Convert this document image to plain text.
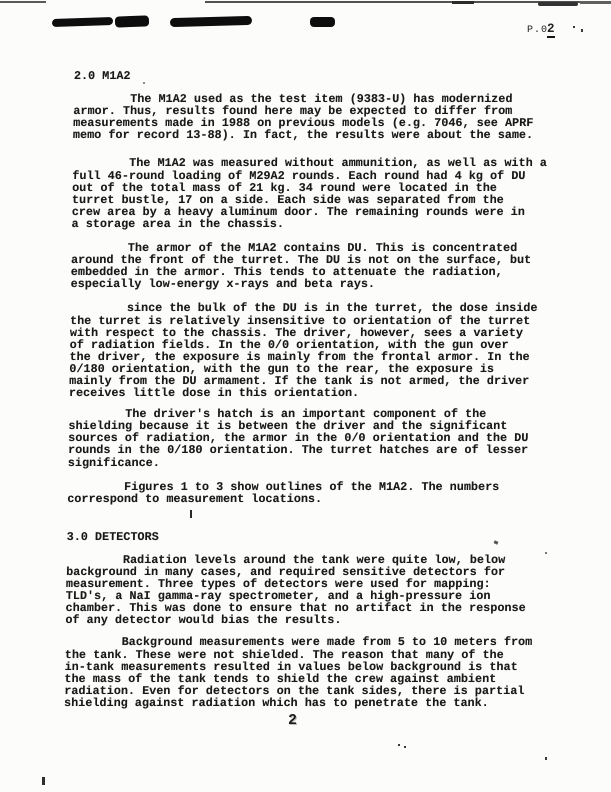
P.02
2.0 M1A2
The M1A2 used as the test item (9383-U) has modernized
armor. Thus, results found here may be expected to differ from
measurements made in 1988 on previous models (e.g. 7046, see APRF
memo for record 13-88). In fact, the results were about the same.
The M1A2 was measured without ammunition, as well as with a
full 46-round loading of M29A2 rounds. Each round had 4 kg of DU
out of the total mass of 21 kg. 34 round were located in the
turret bustle, 17 on a side. Each side was separated from the
crew area by a heavy aluminum door. The remaining rounds were in
a storage area in the chassis.
The armor of the M1A2 contains DU. This is concentrated
around the front of the turret. The DU is not on the surface, but
embedded in the armor. This tends to attenuate the radiation,
especially low-energy x-rays and beta rays.
since the bulk of the DU is in the turret, the dose inside
the turret is relatively insensitive to orientation of the turret
with respect to the chassis. The driver, however, sees a variety
of radiation fields. In the 0/0 orientation, with the gun over
the driver, the exposure is mainly from the frontal armor. In the
0/180 orientation, with the gun to the rear, the exposure is
mainly from the DU armament. If the tank is not armed, the driver
receives little dose in this orientation.
The driver's hatch is an important component of the
shielding because it is between the driver and the significant
sources of radiation, the armor in the 0/0 orientation and the DU
rounds in the 0/180 orientation. The turret hatches are of lesser
significance.
Figures 1 to 3 show outlines of the M1A2. The numbers
correspond to measurement locations.
3.0 DETECTORS
Radiation levels around the tank were quite low, below
background in many cases, and required sensitive detectors for
measurement. Three types of detectors were used for mapping:
TLD's, a NaI gamma-ray spectrometer, and a high-pressure ion
chamber. This was done to ensure that no artifact in the response
of any detector would bias the results.
Background measurements were made from 5 to 10 meters from
the tank. These were not shielded. The reason that many of the
in-tank measurements resulted in values below background is that
the mass of the tank tends to shield the crew against ambient
radiation. Even for detectors on the tank sides, there is partial
shielding against radiation which has to penetrate the tank.
2
